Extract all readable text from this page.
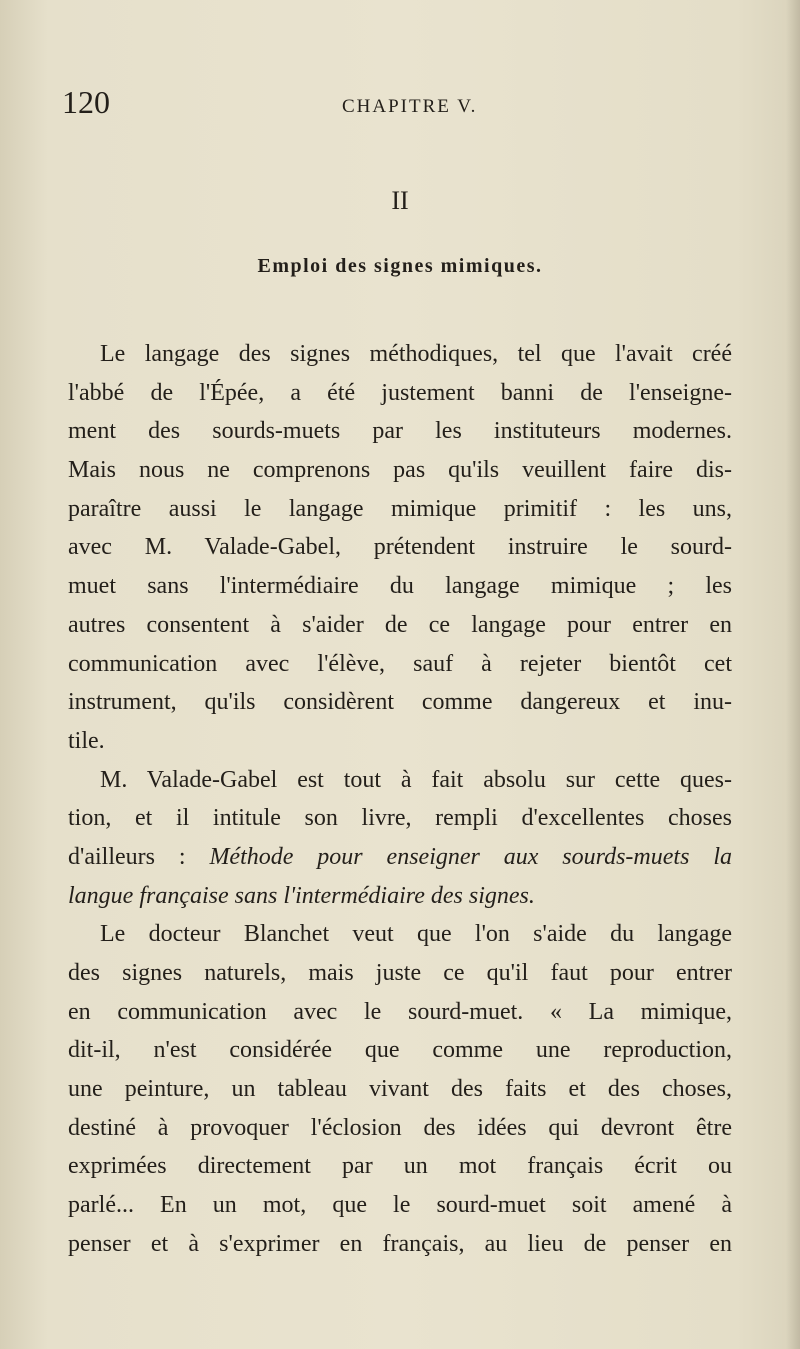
120	CHAPITRE V.
II
Emploi des signes mimiques.
Le langage des signes méthodiques, tel que l'avait créé
l'abbé de l'Épée, a été justement banni de l'enseigne-
ment des sourds-muets par les instituteurs modernes.
Mais nous ne comprenons pas qu'ils veuillent faire dis-
paraître aussi le langage mimique primitif : les uns,
avec M. Valade-Gabel, prétendent instruire le sourd-
muet sans l'intermédiaire du langage mimique ; les
autres consentent à s'aider de ce langage pour entrer en
communication avec l'élève, sauf à rejeter bientôt cet
instrument, qu'ils considèrent comme dangereux et inu-
tile.
M. Valade-Gabel est tout à fait absolu sur cette ques-
tion, et il intitule son livre, rempli d'excellentes choses
d'ailleurs : Méthode pour enseigner aux sourds-muets la
langue française sans l'intermédiaire des signes.
Le docteur Blanchet veut que l'on s'aide du langage
des signes naturels, mais juste ce qu'il faut pour entrer
en communication avec le sourd-muet. « La mimique,
dit-il, n'est considérée que comme une reproduction,
une peinture, un tableau vivant des faits et des choses,
destiné à provoquer l'éclosion des idées qui devront être
exprimées directement par un mot français écrit ou
parlé... En un mot, que le sourd-muet soit amené à
penser et à s'exprimer en français, au lieu de penser en
